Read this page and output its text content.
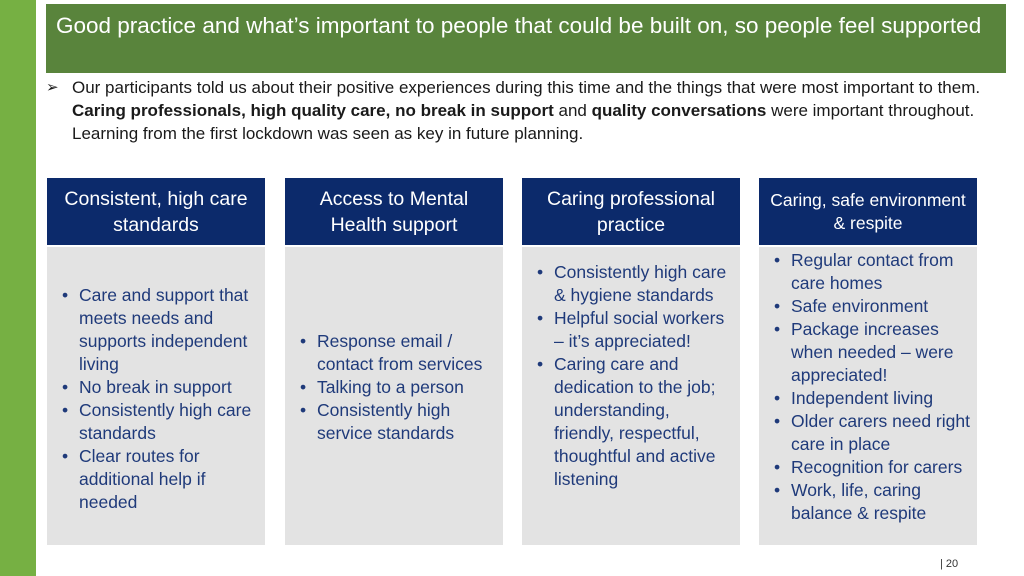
Good practice and what’s important to people that could be built on, so people feel supported
➢ Our participants told us about their positive experiences during this time and the things that were most important to them. Caring professionals, high quality care, no break in support and quality conversations were important throughout. Learning from the first lockdown was seen as key in future planning.
Consistent, high care standards
• Care and support that meets needs and supports independent living
• No break in support
• Consistently high care standards
• Clear routes for additional help if needed
Access to Mental Health support
• Response email / contact from services
• Talking to a person
• Consistently high service standards
Caring professional practice
• Consistently high care & hygiene standards
• Helpful social workers – it’s appreciated!
• Caring care and dedication to the job; understanding, friendly, respectful, thoughtful and active listening
Caring, safe environment & respite
• Regular contact from care homes
• Safe environment
• Package increases when needed – were appreciated!
• Independent living
• Older carers need right care in place
• Recognition for carers
• Work, life, caring balance & respite
| 20
